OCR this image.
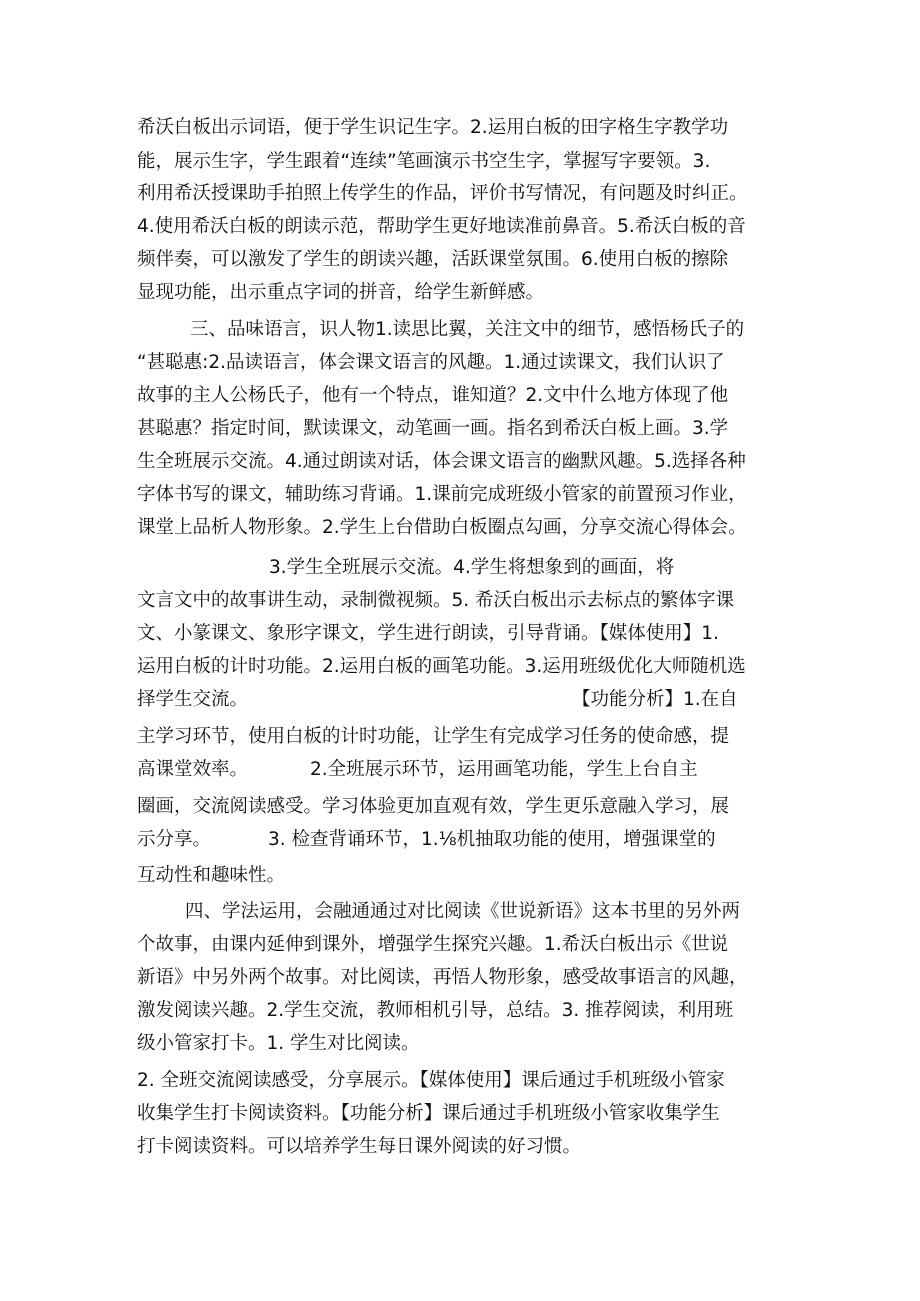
希沃白板出示词语，便于学生识记生字。2.运用白板的田字格生字教学功
能，展示生字，学生跟着“连续”笔画演示书空生字，掌握写字要领。3.
利用希沃授课助手拍照上传学生的作品，评价书写情况，有问题及时纠正。
4.使用希沃白板的朗读示范，帮助学生更好地读准前鼻音。5.希沃白板的音
频伴奏，可以激发了学生的朗读兴趣，活跃课堂氛围。6.使用白板的擦除
显现功能，出示重点字词的拼音，给学生新鲜感。
三、品味语言，识人物1.读思比翼，关注文中的细节，感悟杨氏子的
“甚聪惠:2.品读语言，体会课文语言的风趣。1.通过读课文，我们认识了
故事的主人公杨氏子，他有一个特点，谁知道？2.文中什么地方体现了他
甚聪惠？指定时间，默读课文，动笔画一画。指名到希沃白板上画。3.学
生全班展示交流。4.通过朗读对话，体会课文语言的幽默风趣。5.选择各种
字体书写的课文，辅助练习背诵。1.课前完成班级小管家的前置预习作业，
课堂上品析人物形象。2.学生上台借助白板圈点勾画，分享交流心得体会。
3.学生全班展示交流。4.学生将想象到的画面，将
文言文中的故事讲生动，录制微视频。5. 希沃白板出示去标点的繁体字课
文、小篆课文、象形字课文，学生进行朗读，引导背诵。【媒体使用】1.
运用白板的计时功能。2.运用白板的画笔功能。3.运用班级优化大师随机选
择学生交流。	【功能分析】1.在自
主学习环节，使用白板的计时功能，让学生有完成学习任务的使命感，提
高课堂效率。	2.全班展示环节，运用画笔功能，学生上台自主
圈画，交流阅读感受。学习体验更加直观有效，学生更乐意融入学习，展
示分享。	3. 检查背诵环节，1.⅛机抽取功能的使用，增强课堂的
互动性和趣味性。
四、学法运用，会融通通过对比阅读《世说新语》这本书里的另外两
个故事，由课内延伸到课外，增强学生探究兴趣。1.希沃白板出示《世说
新语》中另外两个故事。对比阅读，再悟人物形象，感受故事语言的风趣，
激发阅读兴趣。2.学生交流，教师相机引导，总结。3. 推荐阅读，利用班
级小管家打卡。1. 学生对比阅读。
2. 全班交流阅读感受，分享展示。【媒体使用】课后通过手机班级小管家
收集学生打卡阅读资料。【功能分析】课后通过手机班级小管家收集学生
打卡阅读资料。可以培养学生每日课外阅读的好习惯。
